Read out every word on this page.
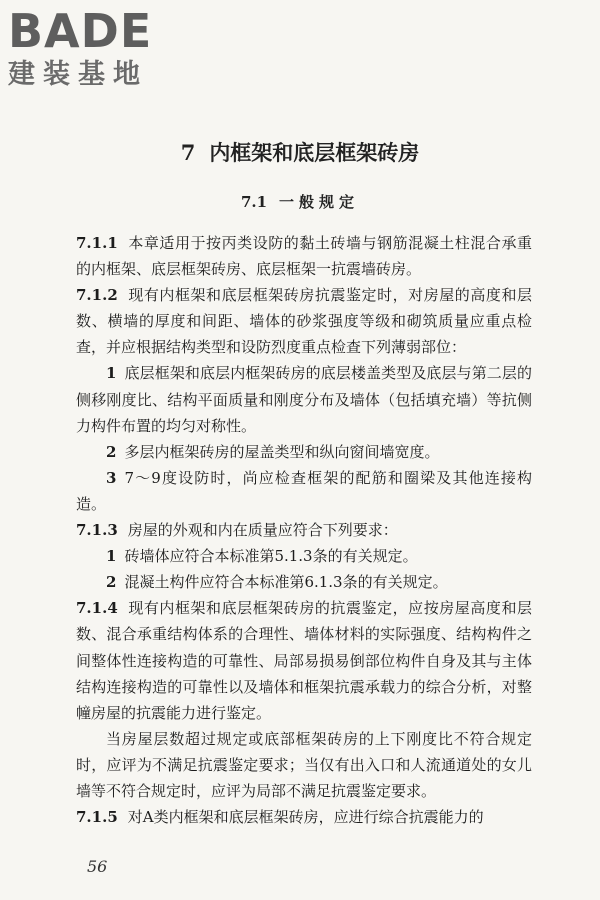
BADE
建装基地
7 内框架和底层框架砖房
7.1 一般规定

7.1.1 本章适用于按丙类设防的黏土砖墙与钢筋混凝土柱混合承重的内框架、底层框架砖房、底层框架一抗震墙砖房。

7.1.2 现有内框架和底层框架砖房抗震鉴定时，对房屋的高度和层数、横墙的厚度和间距、墙体的砂浆强度等级和砌筑质量应重点检查，并应根据结构类型和设防烈度重点检查下列薄弱部位：

1 底层框架和底层内框架砖房的底层楼盖类型及底层与第二层的侧移刚度比、结构平面质量和刚度分布及墙体（包括填充墙）等抗侧力构件布置的均匀对称性。

2 多层内框架砖房的屋盖类型和纵向窗间墙宽度。

3 7～9度设防时，尚应检查框架的配筋和圈梁及其他连接构造。

7.1.3 房屋的外观和内在质量应符合下列要求：

1 砖墙体应符合本标准第5.1.3条的有关规定。

2 混凝土构件应符合本标准第6.1.3条的有关规定。

7.1.4 现有内框架和底层框架砖房的抗震鉴定，应按房屋高度和层数、混合承重结构体系的合理性、墙体材料的实际强度、结构构件之间整体性连接构造的可靠性、局部易损易倒部位构件自身及其与主体结构连接构造的可靠性以及墙体和框架抗震承载力的综合分析，对整幢房屋的抗震能力进行鉴定。

当房屋层数超过规定或底部框架砖房的上下刚度比不符合规定时，应评为不满足抗震鉴定要求；当仅有出入口和人流通道处的女儿墙等不符合规定时，应评为局部不满足抗震鉴定要求。

7.1.5 对A类内框架和底层框架砖房，应进行综合抗震能力的

56
